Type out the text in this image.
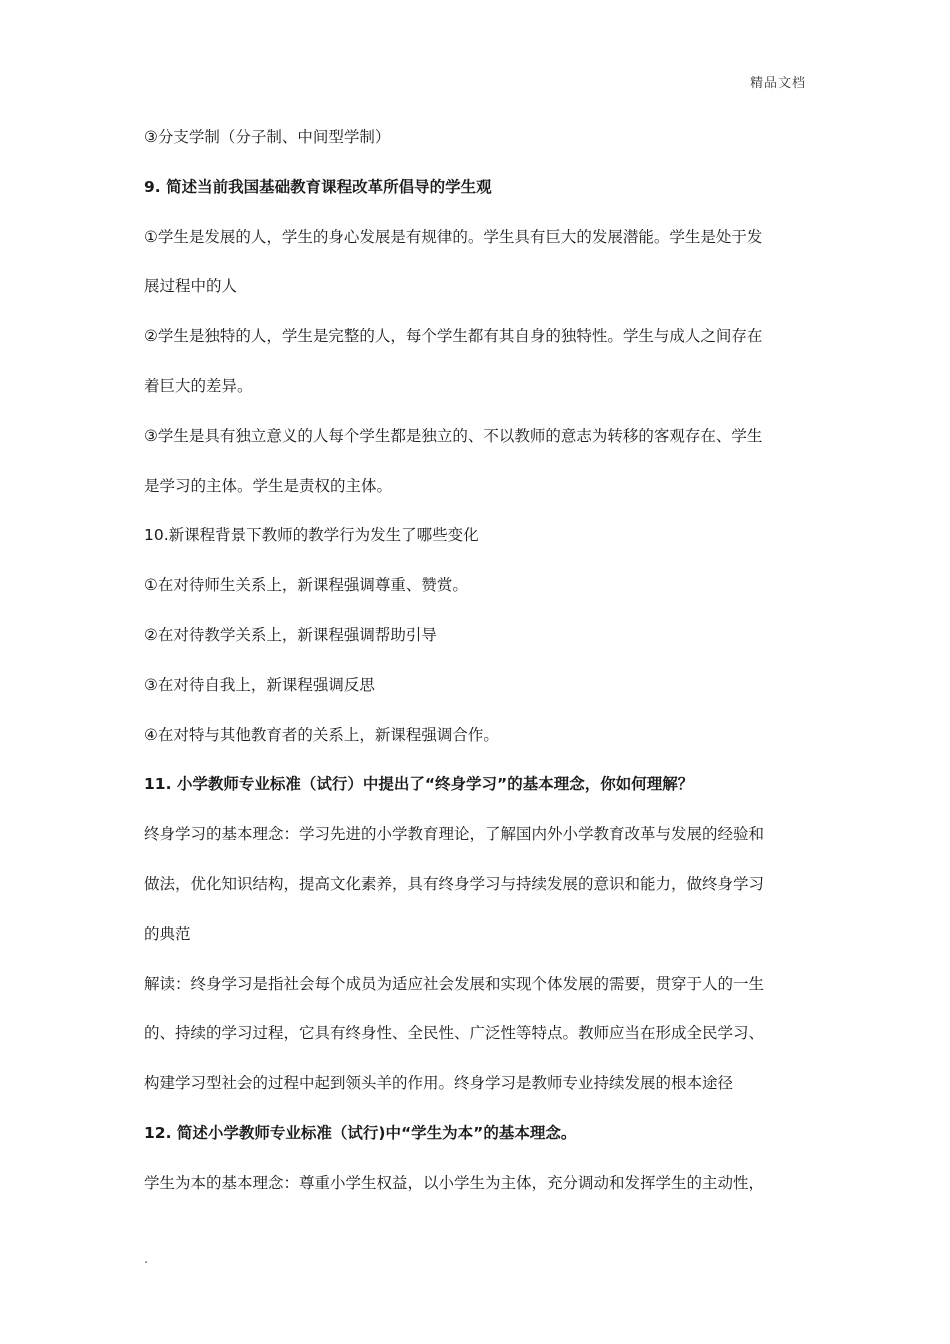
精品文档
③分支学制（分子制、中间型学制）
9. 简述当前我国基础教育课程改革所倡导的学生观
①学生是发展的人，学生的身心发展是有规律的。学生具有巨大的发展潜能。学生是处于发
展过程中的人
②学生是独特的人，学生是完整的人，每个学生都有其自身的独特性。学生与成人之间存在
着巨大的差异。
③学生是具有独立意义的人每个学生都是独立的、不以教师的意志为转移的客观存在、学生
是学习的主体。学生是责权的主体。
10.新课程背景下教师的教学行为发生了哪些变化
①在对待师生关系上，新课程强调尊重、赞赏。
②在对待教学关系上，新课程强调帮助引导
③在对待自我上，新课程强调反思
④在对特与其他教育者的关系上，新课程强调合作。
11. 小学教师专业标准（试行）中提出了“终身学习”的基本理念，你如何理解？
终身学习的基本理念：学习先进的小学教育理论，了解国内外小学教育改革与发展的经验和
做法，优化知识结构，提高文化素养，具有终身学习与持续发展的意识和能力，做终身学习
的典范
解读：终身学习是指社会每个成员为适应社会发展和实现个体发展的需要，贯穿于人的一生
的、持续的学习过程，它具有终身性、全民性、广泛性等特点。教师应当在形成全民学习、
构建学习型社会的过程中起到领头羊的作用。终身学习是教师专业持续发展的根本途径
12. 简述小学教师专业标准（试行)中“学生为本”的基本理念。
学生为本的基本理念：尊重小学生权益，以小学生为主体，充分调动和发挥学生的主动性，
.
